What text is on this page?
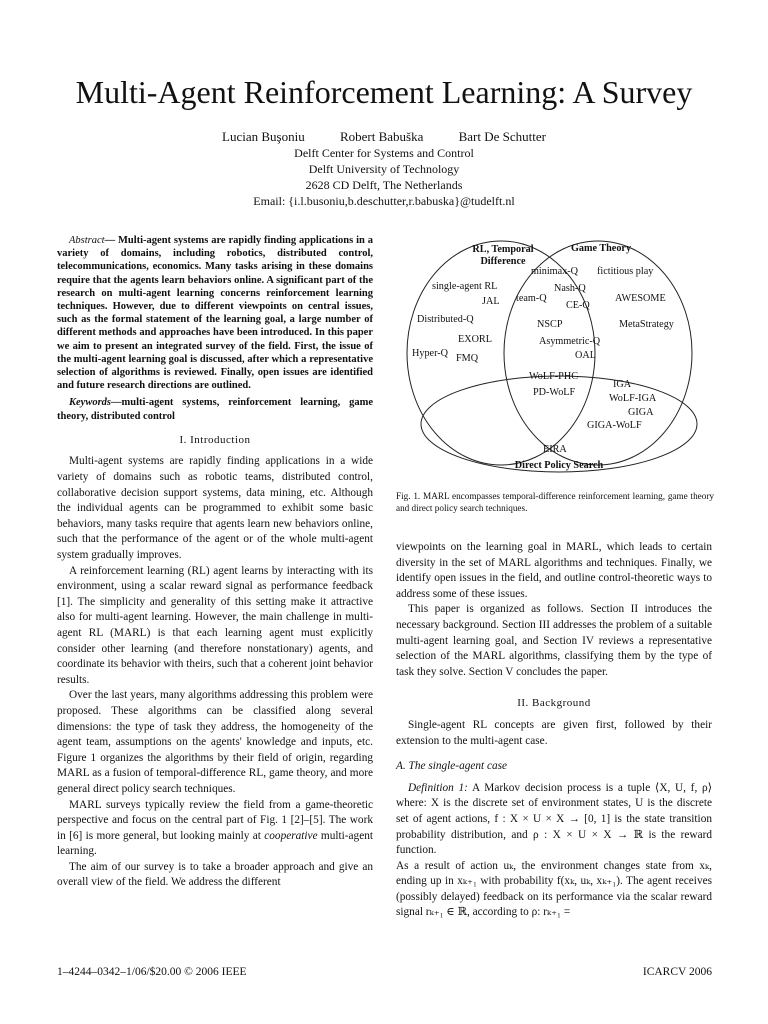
Multi-Agent Reinforcement Learning: A Survey
Lucian Buşoniu	Robert Babuška	Bart De Schutter
Delft Center for Systems and Control
Delft University of Technology
2628 CD Delft, The Netherlands
Email: {i.l.busoniu,b.deschutter,r.babuska}@tudelft.nl

Abstract— Multi-agent systems are rapidly finding applications in a variety of domains, including robotics, distributed control, telecommunications, economics. Many tasks arising in these domains require that the agents learn behaviors online. A significant part of the research on multi-agent learning concerns reinforcement learning techniques. However, due to different viewpoints on central issues, such as the formal statement of the learning goal, a large number of different methods and approaches have been introduced. In this paper we aim to present an integrated survey of the field. First, the issue of the multi-agent learning goal is discussed, after which a representative selection of algorithms is reviewed. Finally, open issues are identified and future research directions are outlined.

Keywords—multi-agent systems, reinforcement learning, game theory, distributed control

I. Introduction

Multi-agent systems are rapidly finding applications in a wide variety of domains such as robotic teams, distributed control, collaborative decision support systems, data mining, etc. Although the individual agents can be programmed to exhibit some basic behaviors, many tasks require that agents learn new behaviors online, such that the performance of the agent or of the whole multi-agent system gradually improves.

A reinforcement learning (RL) agent learns by interacting with its environment, using a scalar reward signal as performance feedback [1]. The simplicity and generality of this setting make it attractive also for multi-agent learning. However, the main challenge in multi-agent RL (MARL) is that each learning agent must explicitly consider other learning (and therefore nonstationary) agents, and coordinate its behavior with theirs, such that a coherent joint behavior results.

Over the last years, many algorithms addressing this problem were proposed. These algorithms can be classified along several dimensions: the type of task they address, the homogeneity of the agent team, assumptions on the agents' knowledge and inputs, etc. Figure 1 organizes the algorithms by their field of origin, regarding MARL as a fusion of temporal-difference RL, game theory, and more general direct policy search techniques.

MARL surveys typically review the field from a game-theoretic perspective and focus on the central part of Fig. 1 [2]–[5]. The work in [6] is more general, but looking mainly at cooperative multi-agent learning.

The aim of our survey is to take a broader approach and give an overall view of the field. We address the different

RL, Temporal
Difference
Game Theory
Direct Policy Search
minimax-Q fictitious play
single-agent RL	Nash-Q
JAL team-Q
CE-Q
AWESOME
Distributed-Q	NSCP	MetaStrategy
EXORL	Asymmetric-Q
Hyper-Q FMQ	OAL
WoLF-PHC
IGA
PD-WoLF
WoLF-IGA
GIGA
GIGA-WoLF
EIRA
Fig. 1. MARL encompasses temporal-difference reinforcement learning, game theory and direct policy search techniques.

viewpoints on the learning goal in MARL, which leads to certain diversity in the set of MARL algorithms and techniques. Finally, we identify open issues in the field, and outline control-theoretic ways to address some of these issues.

This paper is organized as follows. Section II introduces the necessary background. Section III addresses the problem of a suitable multi-agent learning goal, and Section IV reviews a representative selection of the MARL algorithms, classifying them by the type of task they solve. Section V concludes the paper.

II. Background

Single-agent RL concepts are given first, followed by their extension to the multi-agent case.

A. The single-agent case

Definition 1: A Markov decision process is a tuple ⟨X, U, f, ρ⟩ where: X is the discrete set of environment states, U is the discrete set of agent actions, f : X × U × X → [0, 1] is the state transition probability distribution, and ρ : X × U × X → ℝ is the reward function.

As a result of action uₖ, the environment changes state from xₖ, ending up in xₖ₊₁ with probability f(xₖ, uₖ, xₖ₊₁). The agent receives (possibly delayed) feedback on its performance via the scalar reward signal rₖ₊₁ ∈ ℝ, according to ρ: rₖ₊₁ =

1–4244–0342–1/06/$20.00 © 2006 IEEE	ICARCV 2006
